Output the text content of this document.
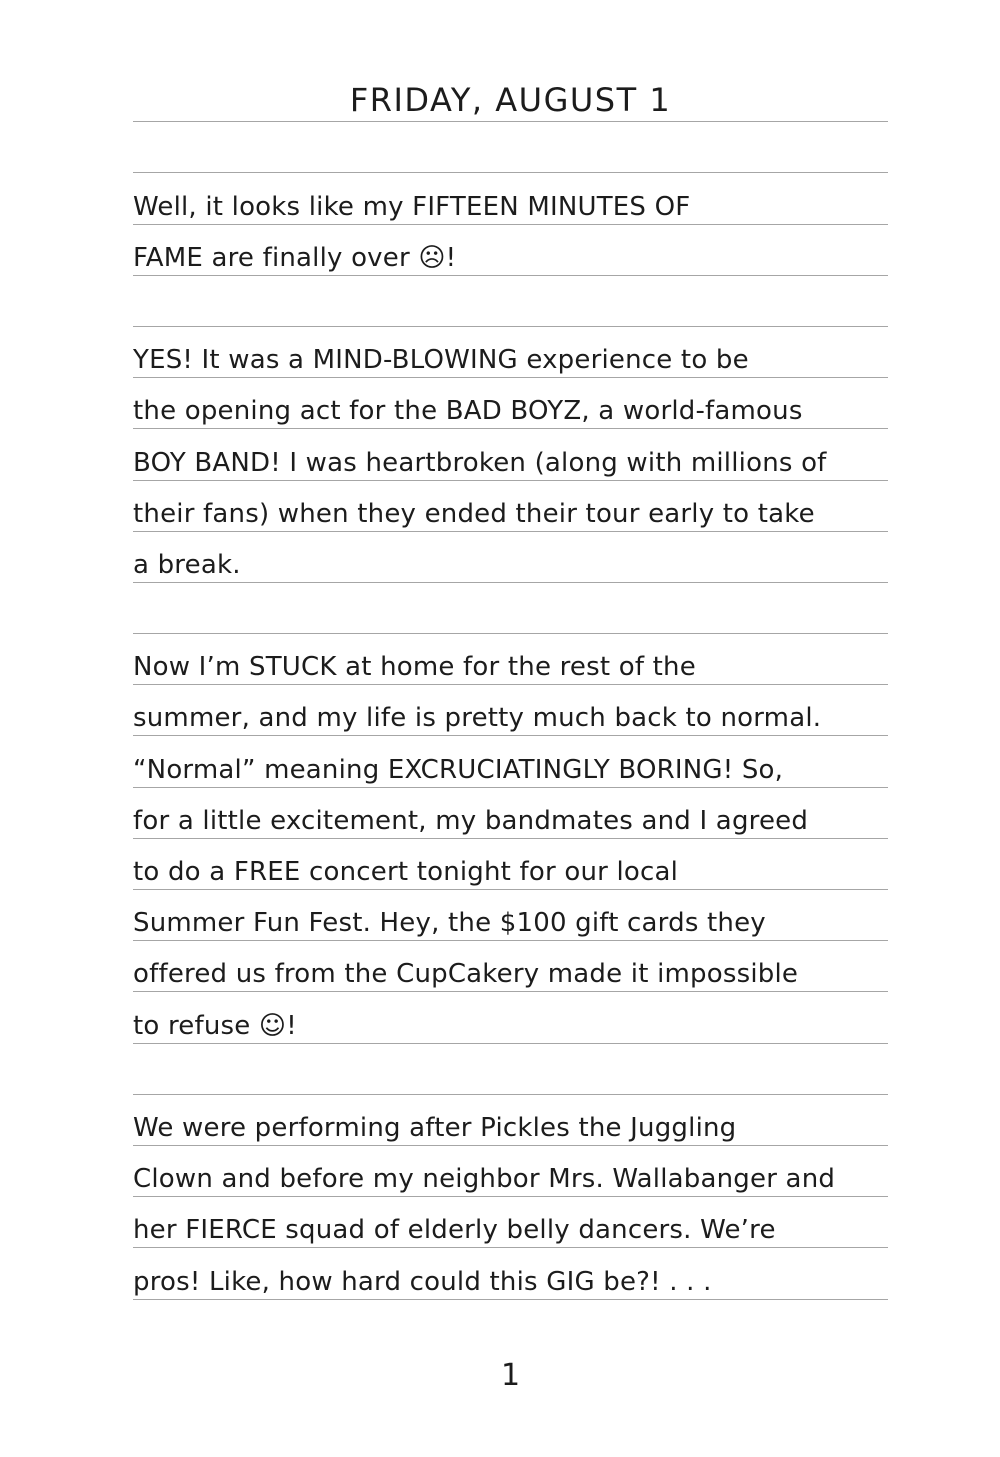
FRIDAY, AUGUST 1
Well, it looks like my FIFTEEN MINUTES OF
FAME are finally over ☹!
YES! It was a MIND-BLOWING experience to be
the opening act for the BAD BOYZ, a world-famous
BOY BAND! I was heartbroken (along with millions of
their fans) when they ended their tour early to take
a break.
Now I’m STUCK at home for the rest of the
summer, and my life is pretty much back to normal.
“Normal” meaning EXCRUCIATINGLY BORING! So,
for a little excitement, my bandmates and I agreed
to do a FREE concert tonight for our local
Summer Fun Fest. Hey, the $100 gift cards they
offered us from the CupCakery made it impossible
to refuse ☺!
We were performing after Pickles the Juggling
Clown and before my neighbor Mrs. Wallabanger and
her FIERCE squad of elderly belly dancers. We’re
pros! Like, how hard could this GIG be?! . . .
1
